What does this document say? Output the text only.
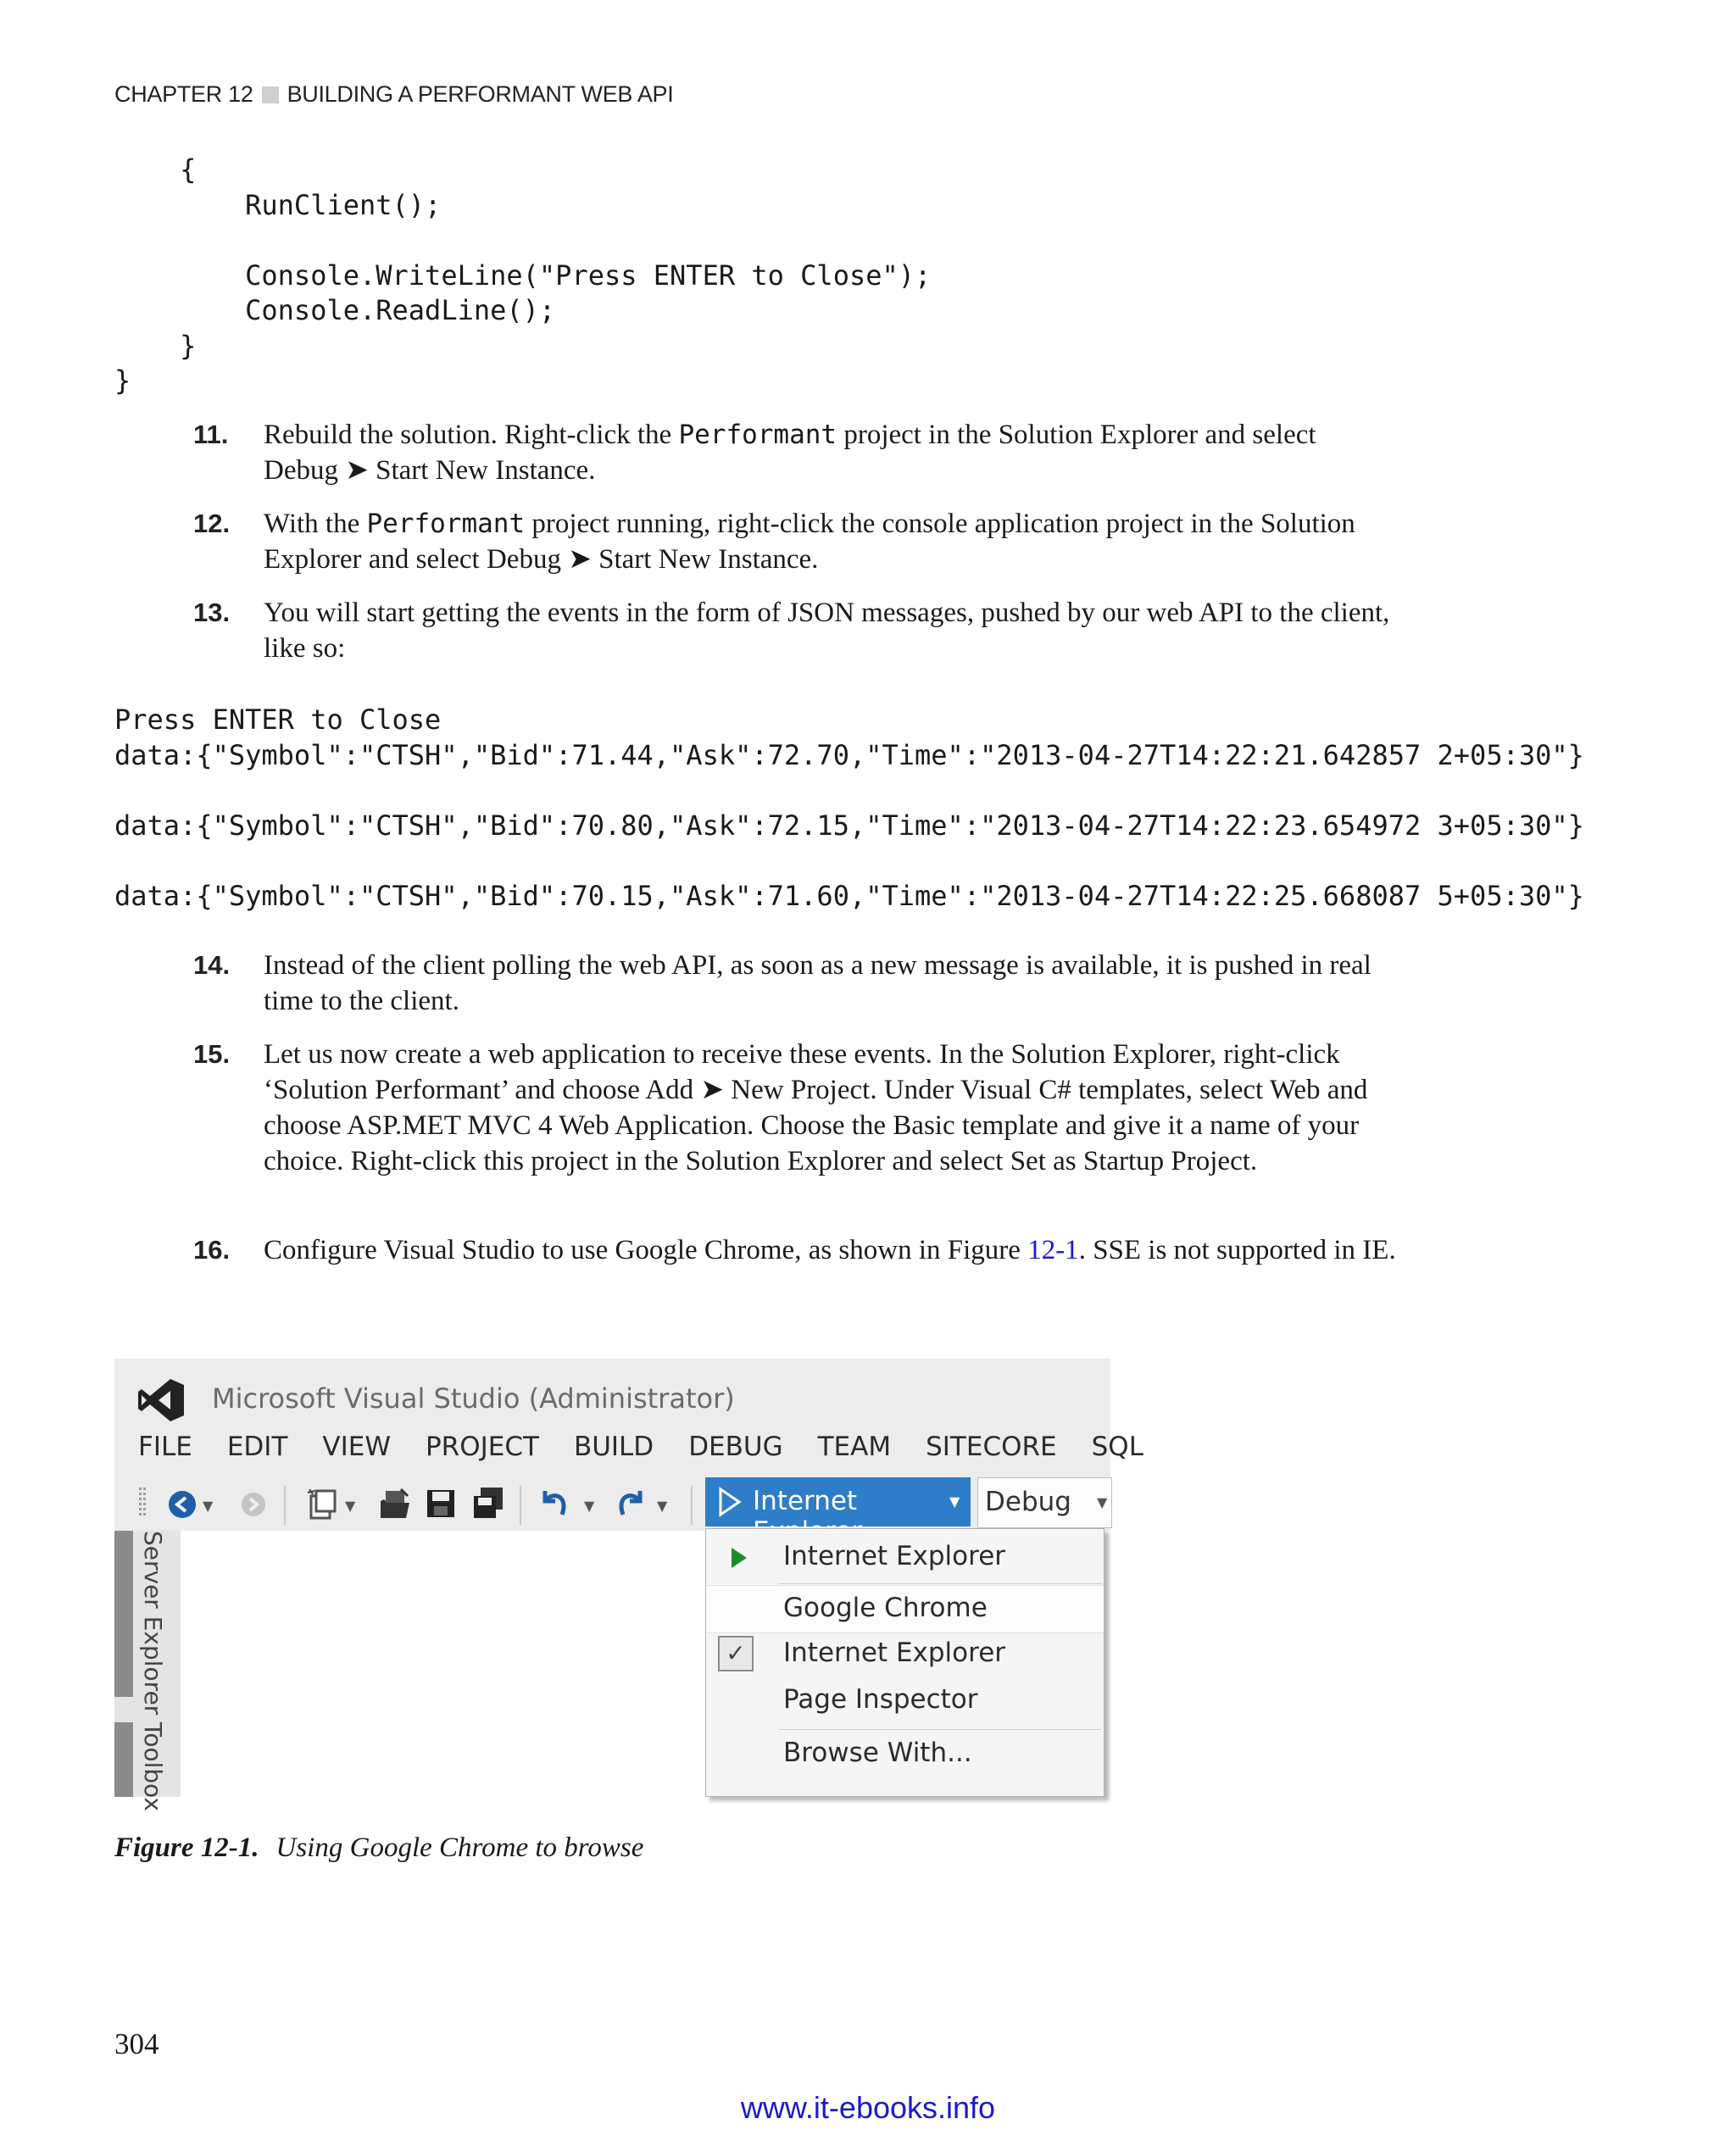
CHAPTER 12 BUILDING A PERFORMANT WEB API
{
RunClient();

Console.WriteLine("Press ENTER to Close");
Console.ReadLine();
}
}
11.	Rebuild the solution. Right-click the Performant project in the Solution Explorer and select Debug ➤ Start New Instance.
12.	With the Performant project running, right-click the console application project in the Solution Explorer and select Debug ➤ Start New Instance.
13.	You will start getting the events in the form of JSON messages, pushed by our web API to the client, like so:
Press ENTER to Close
data:{"Symbol":"CTSH","Bid":71.44,"Ask":72.70,"Time":"2013-04-27T14:22:21.642857 2+05:30"}

data:{"Symbol":"CTSH","Bid":70.80,"Ask":72.15,"Time":"2013-04-27T14:22:23.654972 3+05:30"}

data:{"Symbol":"CTSH","Bid":70.15,"Ask":71.60,"Time":"2013-04-27T14:22:25.668087 5+05:30"}
14.	Instead of the client polling the web API, as soon as a new message is available, it is pushed in real time to the client.
15.	Let us now create a web application to receive these events. In the Solution Explorer, right-click ‘Solution Performant’ and choose Add ➤ New Project. Under Visual C# templates, select Web and choose ASP.MET MVC 4 Web Application. Choose the Basic template and give it a name of your choice. Right-click this project in the Solution Explorer and select Set as Startup Project.
16.	Configure Visual Studio to use Google Chrome, as shown in Figure 12-1. SSE is not supported in IE.
Microsoft Visual Studio (Administrator)
FILE EDIT VIEW PROJECT BUILD DEBUG TEAM SITECORE SQL
▼	▼	▼	▼	Internet	▼ Debug ▼
Server Explorer
Toolbox
Internet Explorer
Google Chrome
✓ Internet Explorer
Page Inspector
Browse With...
Figure 12-1. Using Google Chrome to browse
304
www.it-ebooks.info
